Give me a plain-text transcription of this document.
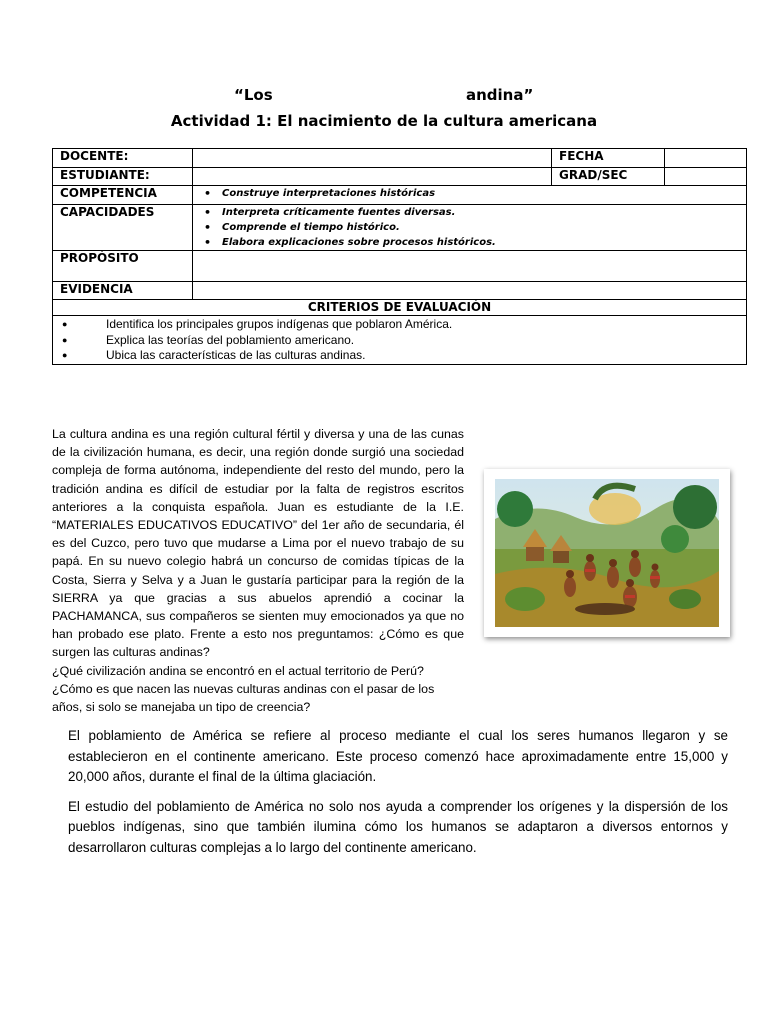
“Los	andina”
Actividad 1: El nacimiento de la cultura americana
DOCENTE:		FECHA	
ESTUDIANTE:		GRAD/SEC	
COMPETENCIA	• Construye interpretaciones históricas

CAPACIDADES	• Interpreta críticamente fuentes diversas.
• Comprende el tiempo histórico.
• Elabora explicaciones sobre procesos históricos.

PROPÓSITO			
EVIDENCIA			
CRITERIOS DE EVALUACIÓN			

● Identifica los principales grupos indígenas que poblaron América.
● Explica las teorías del poblamiento americano.
● Ubica las características de las culturas andinas.

La cultura andina es una región cultural fértil y diversa y una de las cunas de la civilización humana, es decir, una región donde surgió una sociedad compleja de forma autónoma, independiente del resto del mundo, pero la tradición andina es difícil de estudiar por la falta de registros escritos anteriores a la conquista española. Juan es estudiante de la I.E. “MATERIALES EDUCATIVOS EDUCATIVO” del 1er año de secundaria, él es del Cuzco, pero tuvo que mudarse a Lima por el nuevo trabajo de su papá. En su nuevo colegio habrá un concurso de comidas típicas de la Costa, Sierra y Selva y a Juan le gustaría participar para la región de la SIERRA ya que gracias a sus abuelos aprendió a cocinar la PACHAMANCA, sus compañeros se sienten muy emocionados ya que no han probado ese plato. Frente a esto nos preguntamos: ¿Cómo es que surgen las culturas andinas?

¿Qué civilización andina se encontró en el actual territorio de Perú?

¿Cómo es que nacen las nuevas culturas andinas con el pasar de los años, si solo se manejaba un tipo de creencia?

El poblamiento de América se refiere al proceso mediante el cual los seres humanos llegaron y se establecieron en el continente americano. Este proceso comenzó hace aproximadamente entre 15,000 y 20,000 años, durante el final de la última glaciación.

El estudio del poblamiento de América no solo nos ayuda a comprender los orígenes y la dispersión de los pueblos indígenas, sino que también ilumina cómo los humanos se adaptaron a diversos entornos y desarrollaron culturas complejas a lo largo del continente americano.
